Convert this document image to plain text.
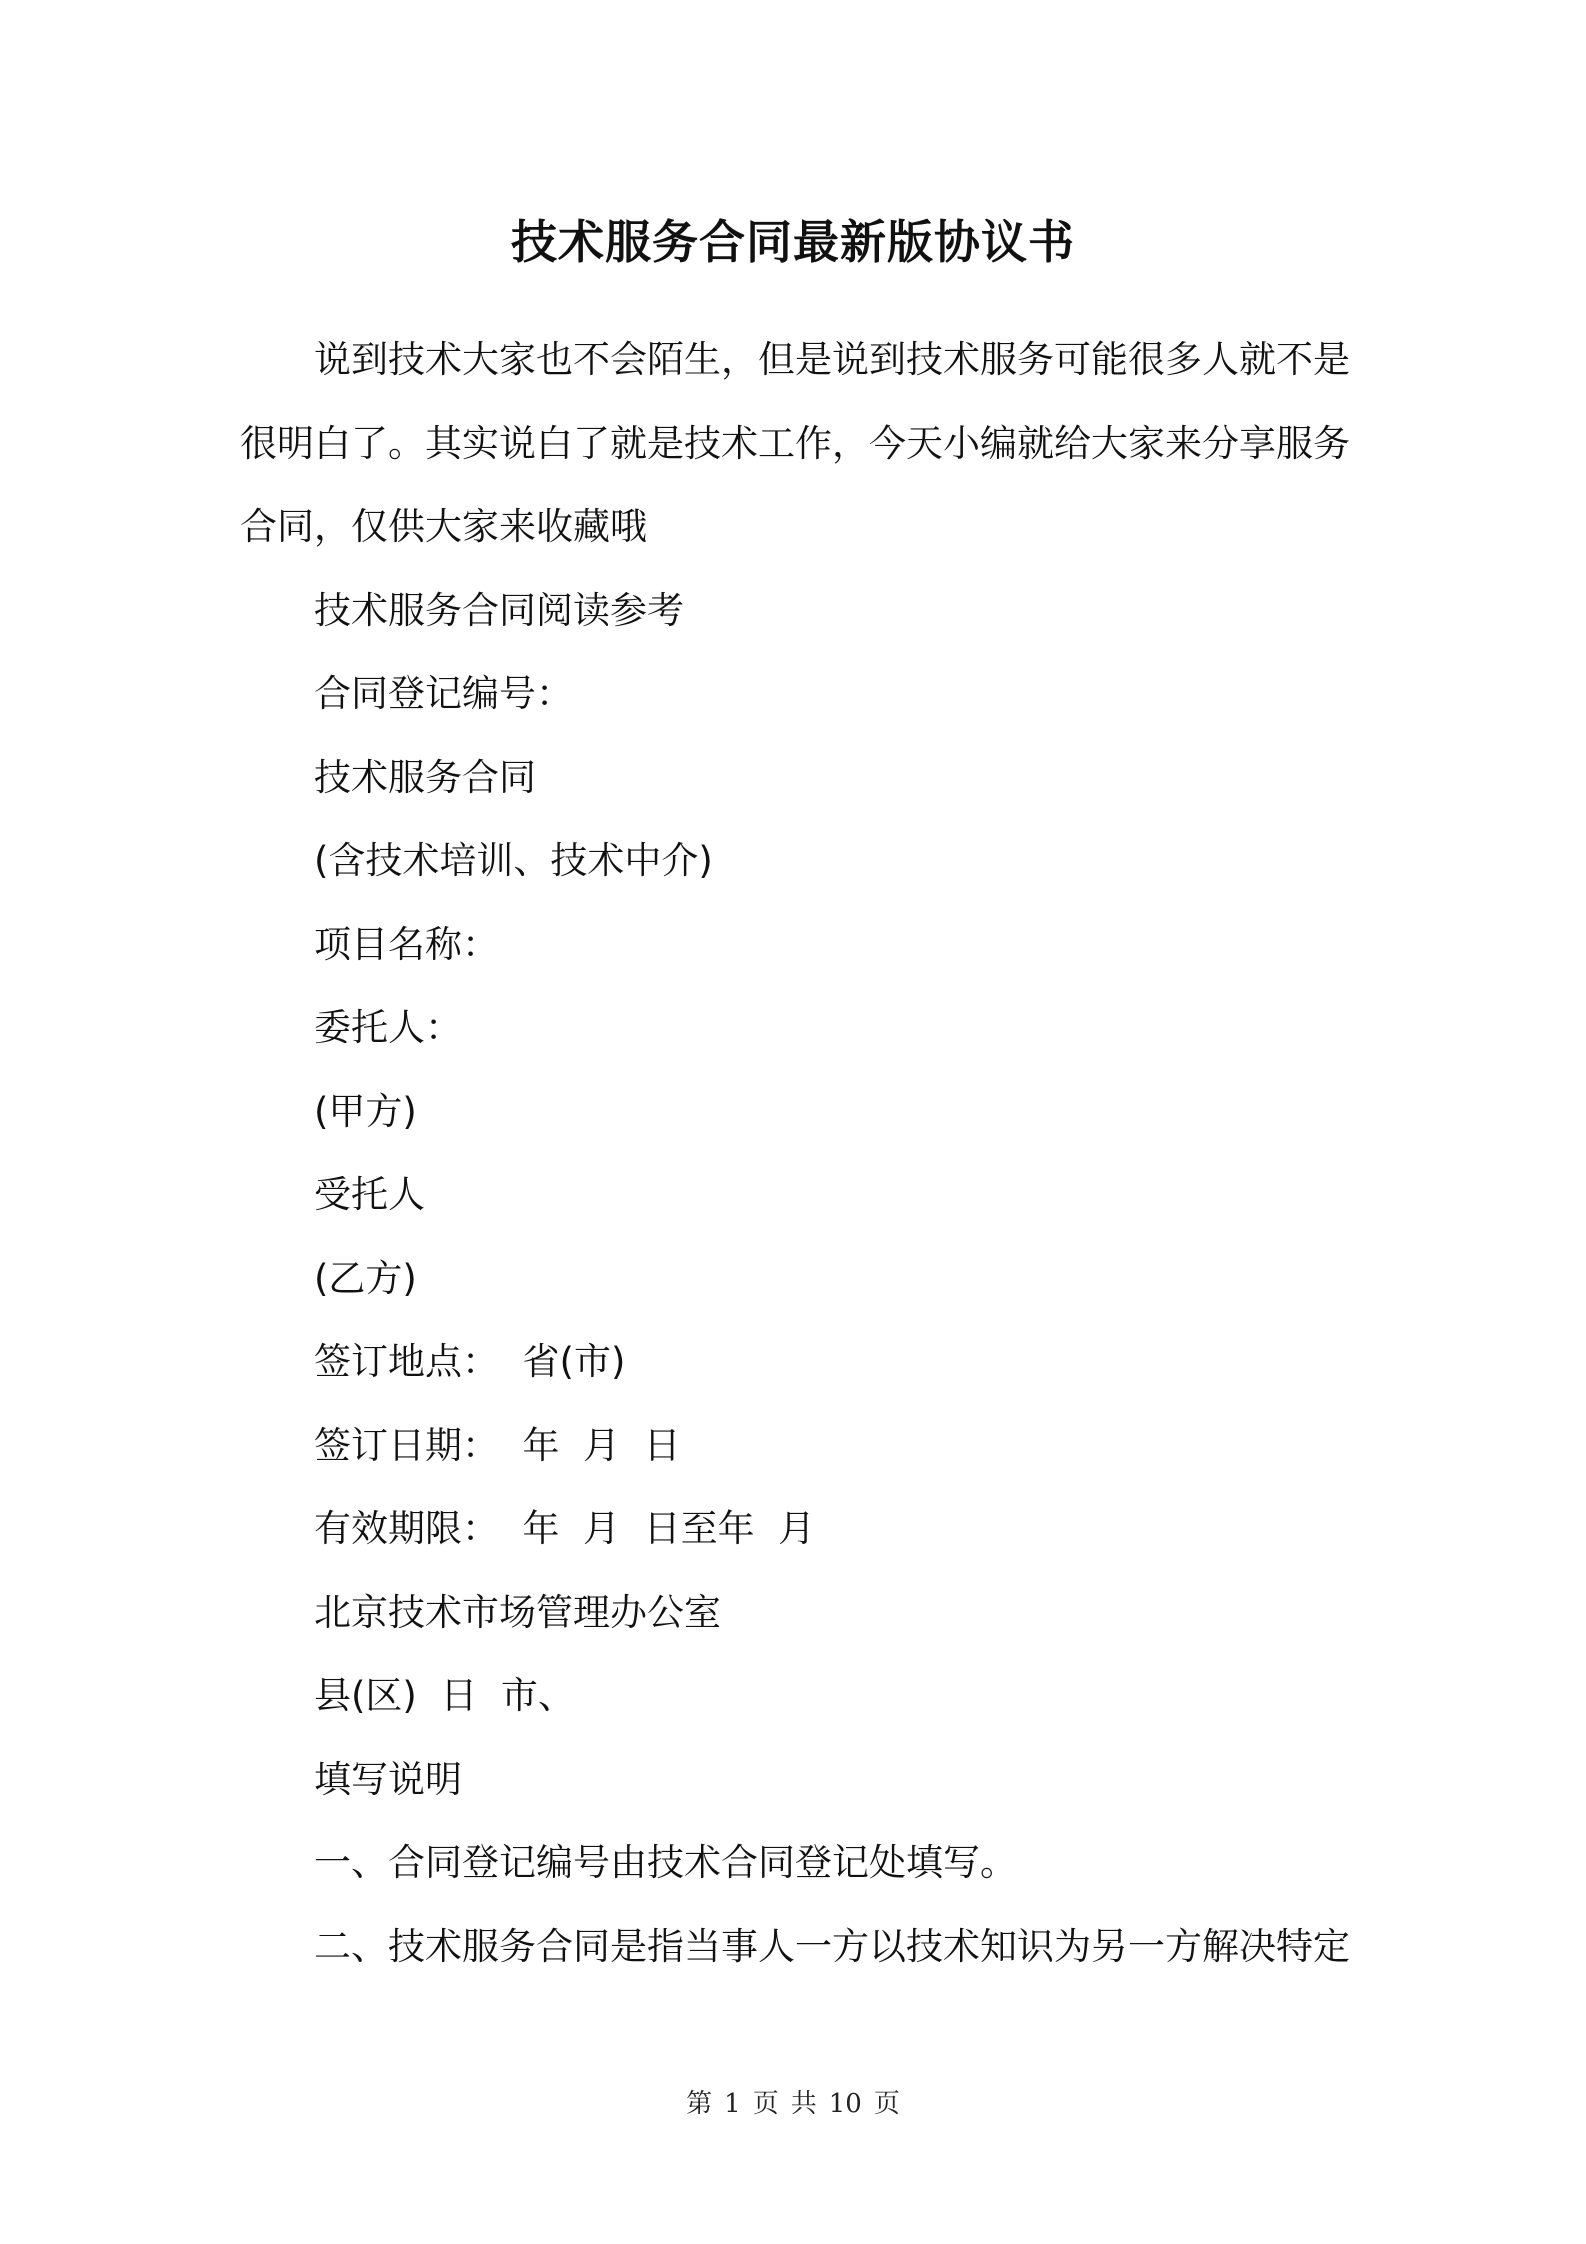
技术服务合同最新版协议书

说到技术大家也不会陌生，但是说到技术服务可能很多人就不是很明白了。其实说白了就是技术工作，今天小编就给大家来分享服务合同，仅供大家来收藏哦

技术服务合同阅读参考

合同登记编号：

技术服务合同

(含技术培训、技术中介)

项目名称：

委托人：

(甲方)

受托人

(乙方)

签订地点：  省(市)

签订日期：  年  月  日

有效期限：  年  月  日至年  月

北京技术市场管理办公室

县(区)  日  市、

填写说明

一、合同登记编号由技术合同登记处填写。

二、技术服务合同是指当事人一方以技术知识为另一方解决特定

第 1 页 共 10 页
